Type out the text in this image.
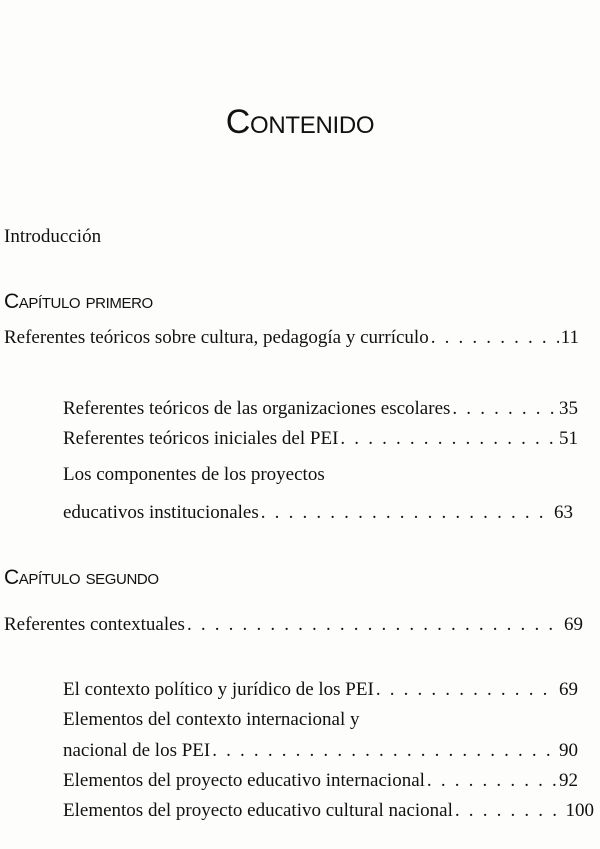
Contenido
Introducción
Capítulo primero
Referentes teóricos sobre cultura, pedagogía y currículo . . .	11
Referentes teóricos de las organizaciones escolares . . .	35
Referentes teóricos iniciales del PEI . . .	51
Los componentes de los proyectos
educativos institucionales . . .	63
Capítulo segundo
Referentes contextuales . . .	69
El contexto político y jurídico de los PEI . . .	69
Elementos del contexto internacional y
nacional de los PEI . . .	90
Elementos del proyecto educativo internacional . . .	92
Elementos del proyecto educativo cultural nacional . . .	100
